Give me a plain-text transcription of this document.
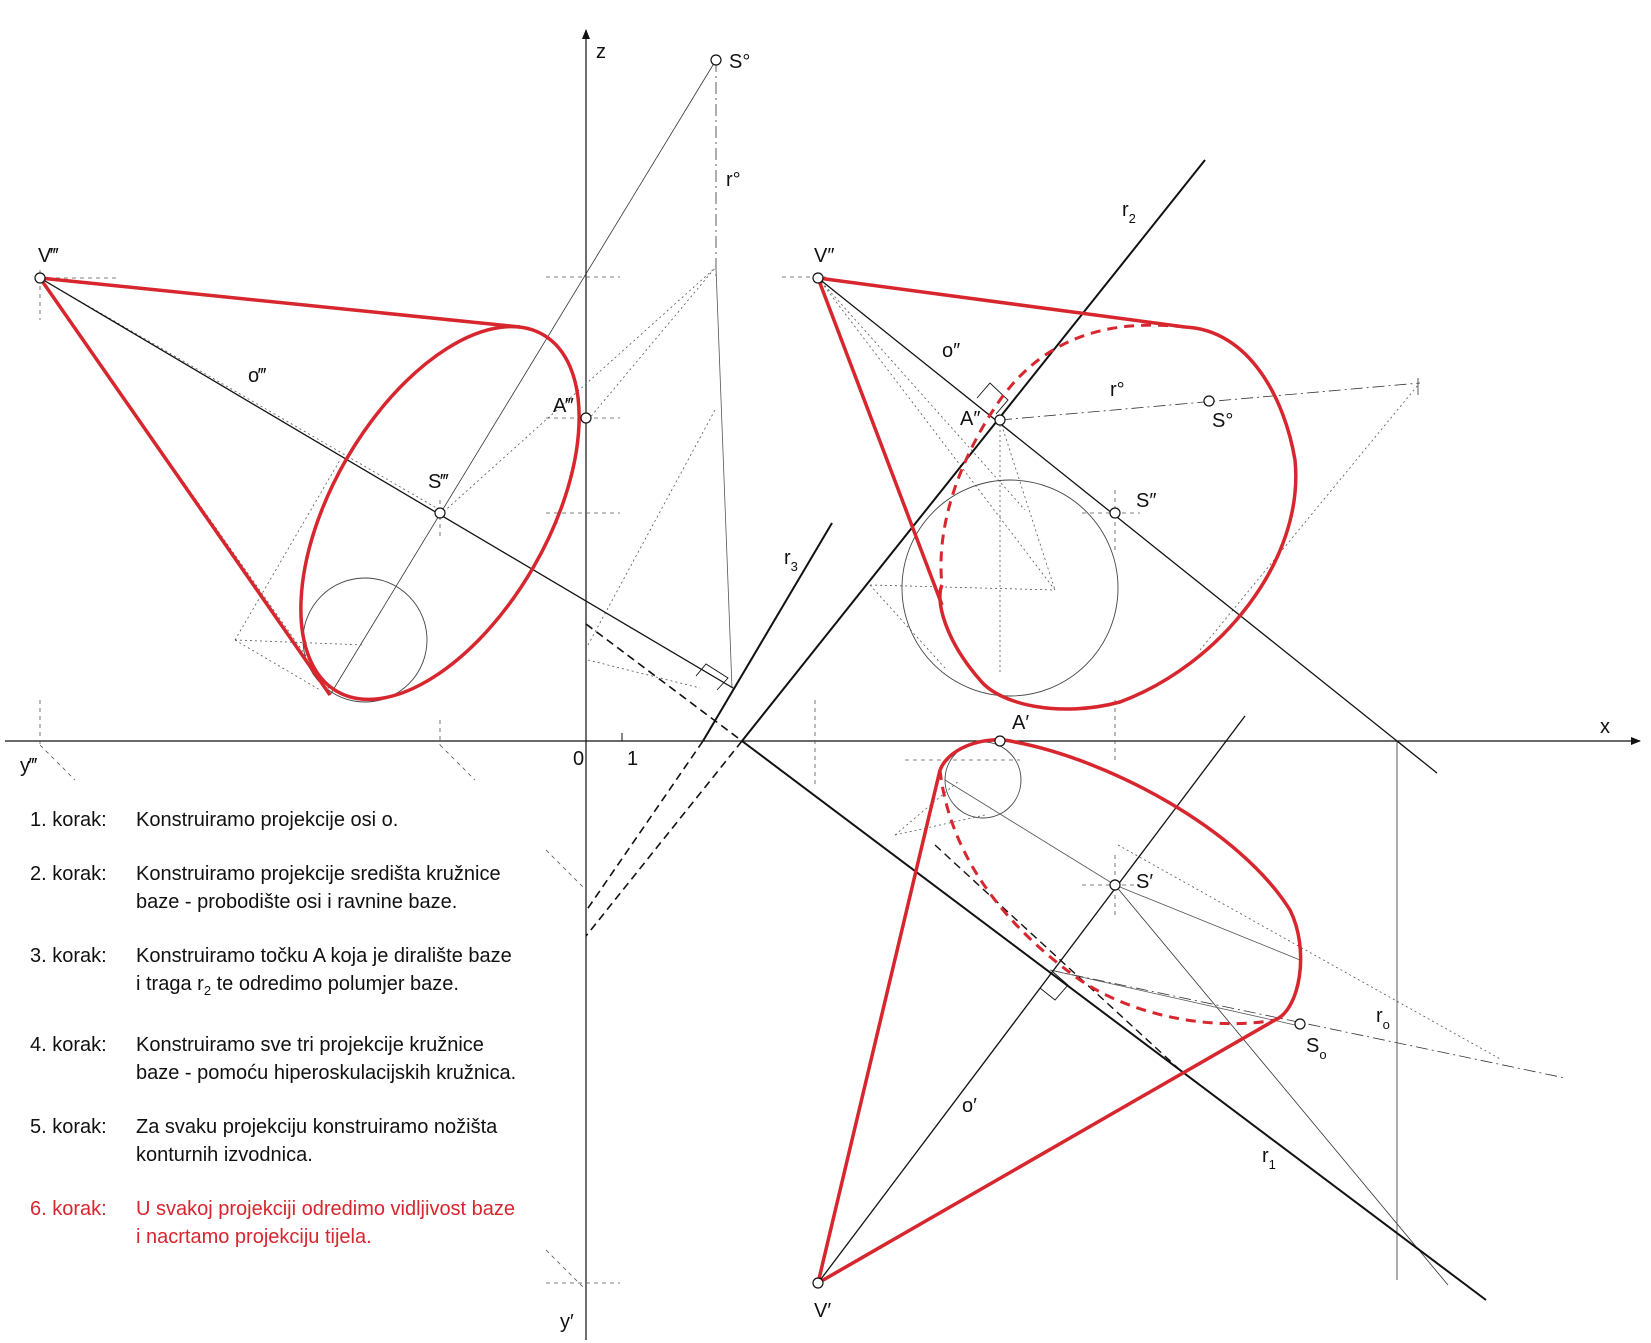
x
z
y′
y‴	0 1
V‴
o‴
A‴
S‴
S°
r°
V″
o″
A″
r°
S°
S″
A′
S′
o′
V′
$r_2$
$r_3$
$r_o$
$S_o$
$r_1$
1. korak:	Konstruiramo projekcije osi o.
2. korak:	Konstruiramo projekcije središta kružnice
baze - probodište osi i ravnine baze.
3. korak:	Konstruiramo točku A koja je diralište baze
i traga $r_2$ te odredimo polumjer baze.
4. korak:	Konstruiramo sve tri projekcije kružnice
baze - pomoću hiperoskulacijskih kružnica.
5. korak:	Za svaku projekciju konstruiramo nožišta
konturnih izvodnica.
6. korak:	U svakoj projekciji odredimo vidljivost baze
i nacrtamo projekciju tijela.
